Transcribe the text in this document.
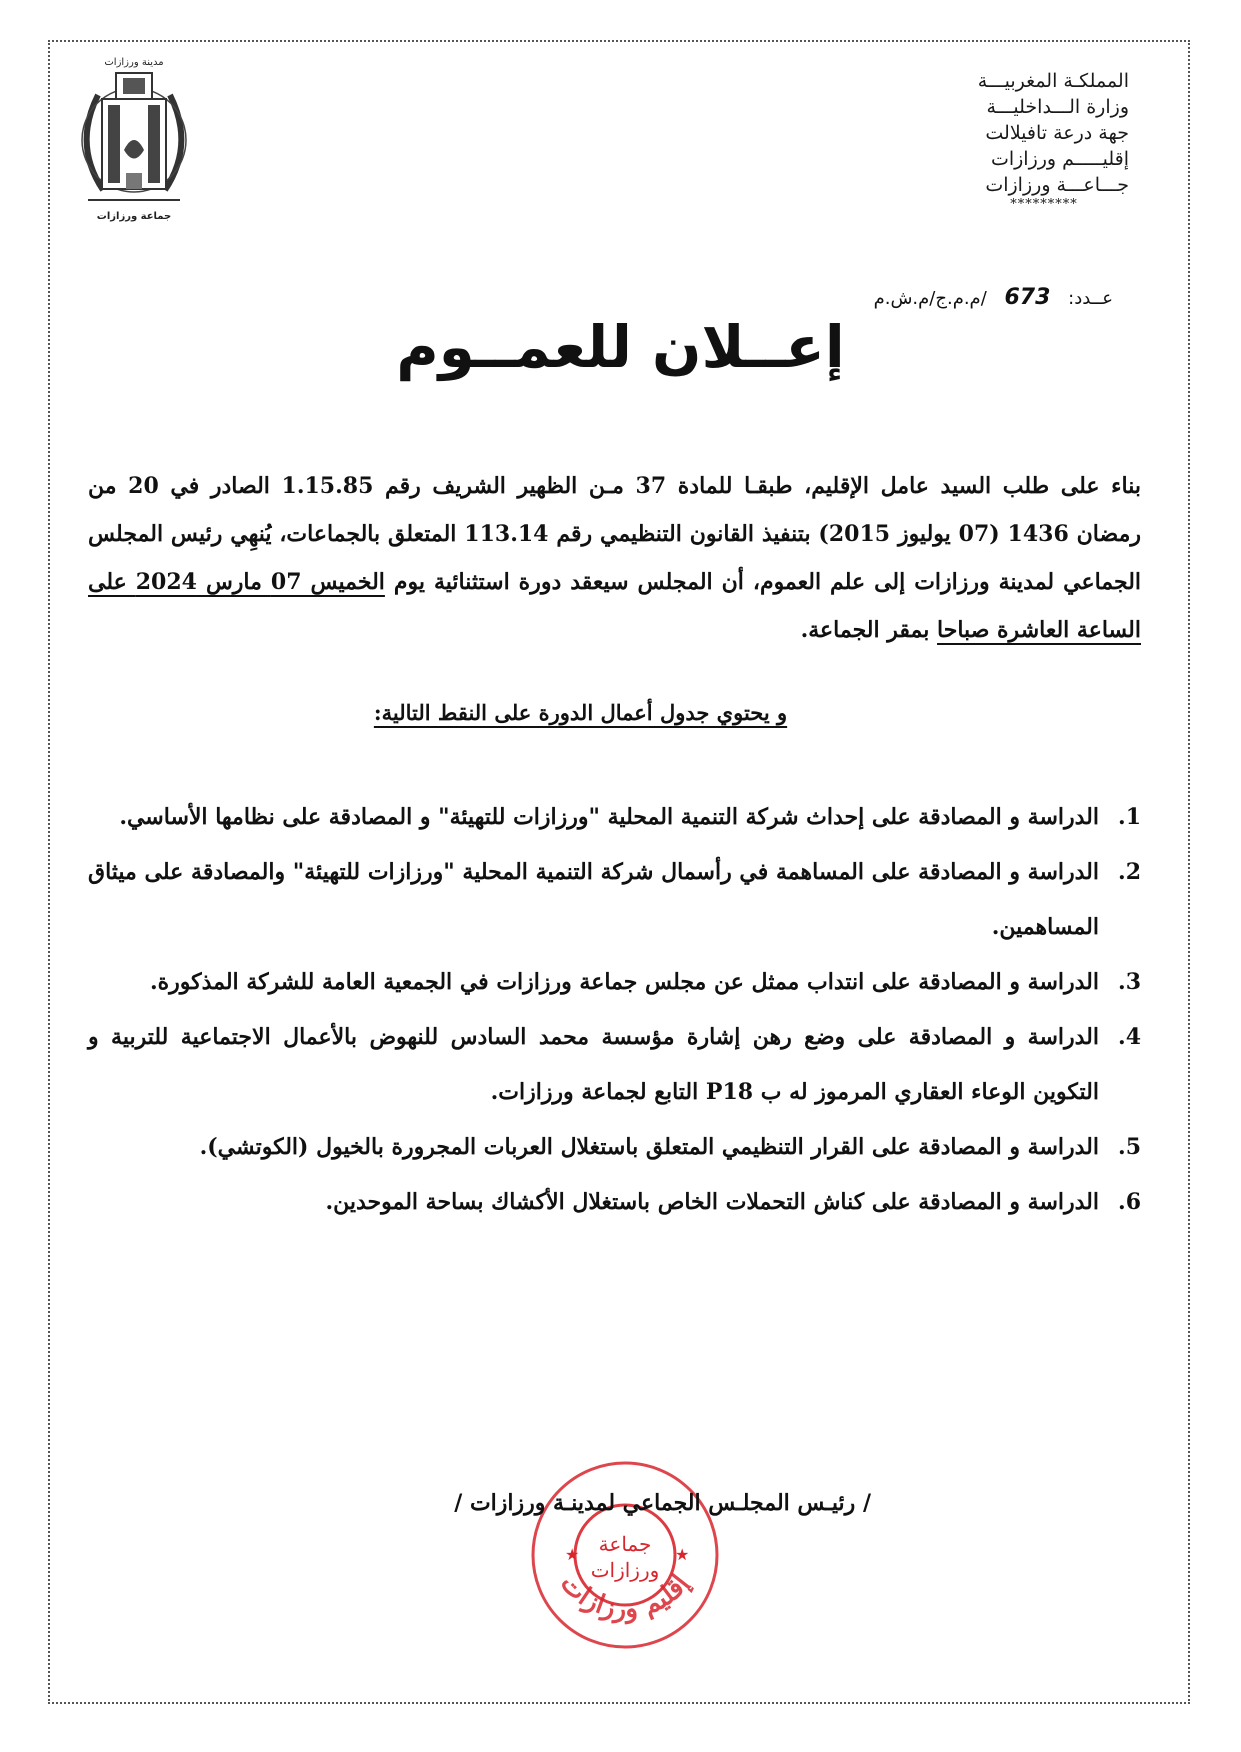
مدينة ورزازات
جماعة ورزازات
المملكـة المغربيـــة
وزارة الـــداخليـــة
جهة درعة تافيلالت
إقليـــــم ورزازات
جـــاعـــة ورزازات
*********
عــدد: 673 /م.م.ج/م.ش.م
إعــلان للعمــوم
بناء على طلب السيد عامل الإقليم، طبقـا للمادة 37 مـن الظهير الشريف رقم 1.15.85 الصادر في 20 من رمضان 1436 (07 يوليوز 2015) بتنفيذ القانون التنظيمي رقم 113.14 المتعلق بالجماعات، يُنهِي رئيس المجلس الجماعي لمدينة ورزازات إلى علم العموم، أن المجلس سيعقد دورة استثنائية يوم الخميس 07 مارس 2024 على الساعة العاشرة صباحا بمقر الجماعة.
و يحتوي جدول أعمال الدورة على النقط التالية:
1.
الدراسة و المصادقة على إحداث شركة التنمية المحلية "ورزازات للتهيئة" و المصادقة على نظامها الأساسي.
2.
الدراسة و المصادقة على المساهمة في رأسمال شركة التنمية المحلية "ورزازات للتهيئة" والمصادقة على ميثاق المساهمين.
3.
الدراسة و المصادقة على انتداب ممثل عن مجلس جماعة ورزازات في الجمعية العامة للشركة المذكورة.
4.
الدراسة و المصادقة على وضع رهن إشارة مؤسسة محمد السادس للنهوض بالأعمال الاجتماعية للتربية و التكوين الوعاء العقاري المرموز له ب P18 التابع لجماعة ورزازات.
5.
الدراسة و المصادقة على القرار التنظيمي المتعلق باستغلال العربات المجرورة بالخيول (الكوتشي).
6.
الدراسة و المصادقة على كناش التحملات الخاص باستغلال الأكشاك بساحة الموحدين.
جماعة
ورزازات
إقليم ورزازات
★	★
/ رئيـس المجلـس الجماعي لمدينـة ورزازات /
